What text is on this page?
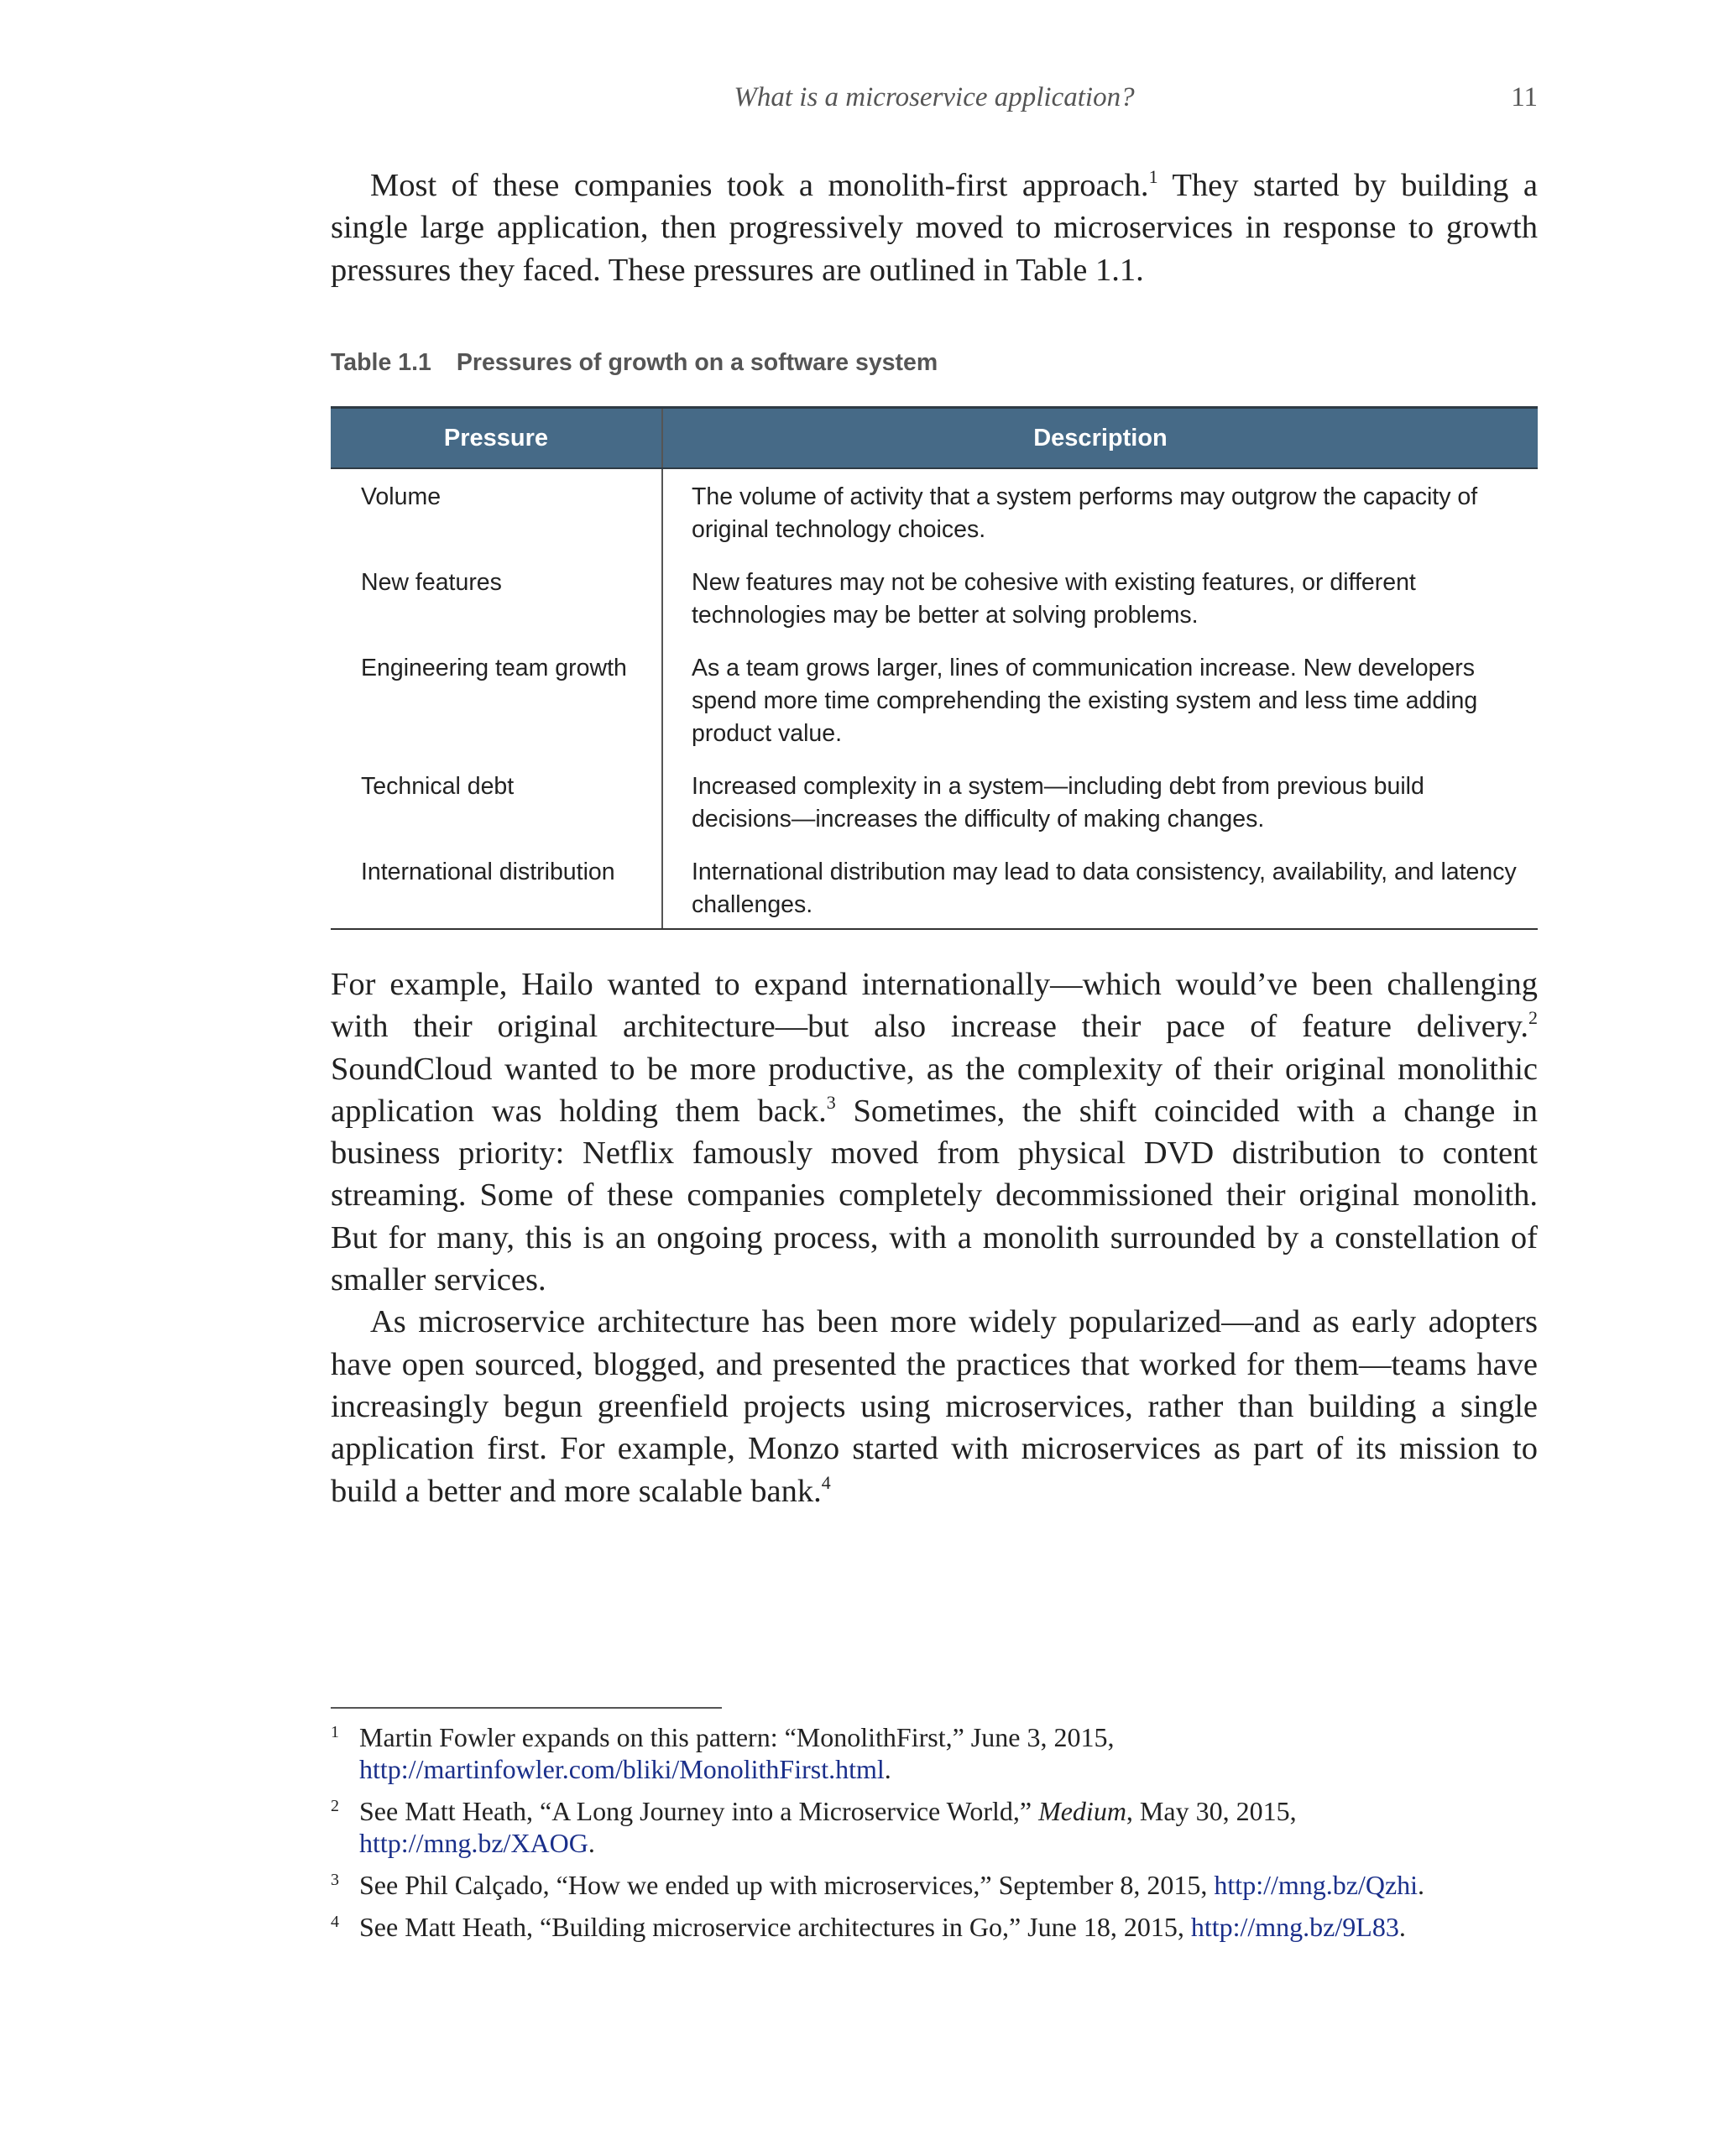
What is a microservice application?	11

Most of these companies took a monolith-first approach.$^1$ They started by building a single large application, then progressively moved to microservices in response to growth pressures they faced. These pressures are outlined in Table 1.1.

Table 1.1 Pressures of growth on a software system
Pressure	Description
Volume	The volume of activity that a system performs may outgrow the capacity of original technology choices.
New features	New features may not be cohesive with existing features, or different technologies may be better at solving problems.
Engineering team growth	As a team grows larger, lines of communication increase. New developers spend more time comprehending the existing system and less time adding product value.
Technical debt	Increased complexity in a system—including debt from previous build decisions—increases the difficulty of making changes.
International distribution	International distribution may lead to data consistency, availability, and latency challenges.

For example, Hailo wanted to expand internationally—which would’ve been challenging with their original architecture—but also increase their pace of feature delivery.$^2$ SoundCloud wanted to be more productive, as the complexity of their original monolithic application was holding them back.$^3$ Sometimes, the shift coincided with a change in business priority: Netflix famously moved from physical DVD distribution to content streaming. Some of these companies completely decommissioned their original monolith. But for many, this is an ongoing process, with a monolith surrounded by a constellation of smaller services.

As microservice architecture has been more widely popularized—and as early adopters have open sourced, blogged, and presented the practices that worked for them—teams have increasingly begun greenfield projects using microservices, rather than building a single application first. For example, Monzo started with microservices as part of its mission to build a better and more scalable bank.$^4$

1 Martin Fowler expands on this pattern: “MonolithFirst,” June 3, 2015, http://martinfowler.com/bliki/MonolithFirst.html.
2 See Matt Heath, “A Long Journey into a Microservice World,” Medium, May 30, 2015, http://mng.bz/XAOG.
3 See Phil Calçado, “How we ended up with microservices,” September 8, 2015, http://mng.bz/Qzhi.
4 See Matt Heath, “Building microservice architectures in Go,” June 18, 2015, http://mng.bz/9L83.
